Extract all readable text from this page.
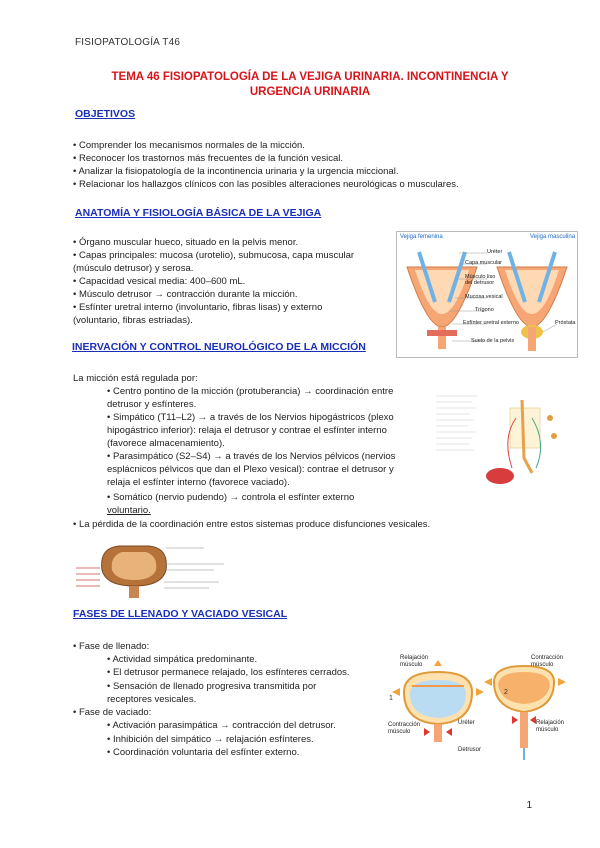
FISIOPATOLOGÍA T46
TEMA 46 FISIOPATOLOGÍA DE LA VEJIGA URINARIA. INCONTINENCIA Y
URGENCIA URINARIA
OBJETIVOS
• Comprender los mecanismos normales de la micción.
• Reconocer los trastornos más frecuentes de la función vesical.
• Analizar la fisiopatología de la incontinencia urinaria y la urgencia miccional.
• Relacionar los hallazgos clínicos con las posibles alteraciones neurológicas o musculares.
ANATOMÍA Y FISIOLOGÍA BÁSICA DE LA VEJIGA
• Órgano muscular hueco, situado en la pelvis menor.
• Capas principales: mucosa (urotelio), submucosa, capa muscular
(músculo detrusor) y serosa.
• Capacidad vesical media: 400–600 mL.
• Músculo detrusor → contracción durante la micción.
• Esfínter uretral interno (involuntario, fibras lisas) y externo
(voluntario, fibras estriadas).
Vejiga femenina	Vejiga masculina
Uréter
Capa muscular
Músculo liso del detrusor
Mucosa vesical
Trígono
Esfínter uretral externo	Próstata
Suelo de la pelvis
INERVACIÓN Y CONTROL NEUROLÓGICO DE LA MICCIÓN
La micción está regulada por:
• Centro pontino de la micción (protuberancia) → coordinación entre
detrusor y esfínteres.
• Simpático (T11–L2) → a través de los Nervios hipogástricos (plexo
hipogástrico inferior): relaja el detrusor y contrae el esfínter interno
(favorece almacenamiento).
• Parasimpático (S2–S4) → a través de los Nervios pélvicos (nervios
esplácnicos pélvicos que dan el Plexo vesical): contrae el detrusor y
relaja el esfínter interno (favorece vaciado).
• Somático (nervio pudendo) → controla el esfínter externo
voluntario.
• La pérdida de la coordinación entre estos sistemas produce disfunciones vesicales.
FASES DE LLENADO Y VACIADO VESICAL
• Fase de llenado:
• Actividad simpática predominante.
• El detrusor permanece relajado, los esfínteres cerrados.
• Sensación de llenado progresiva transmitida por
receptores vesicales.
• Fase de vaciado:
• Activación parasimpática → contracción del detrusor.
• Inhibición del simpático → relajación esfínteres.
• Coordinación voluntaria del esfínter externo.
1
2
Relajación músculo
Contracción músculo
Contracción músculo
Uréter	Relajación músculo
Detrusor
1
